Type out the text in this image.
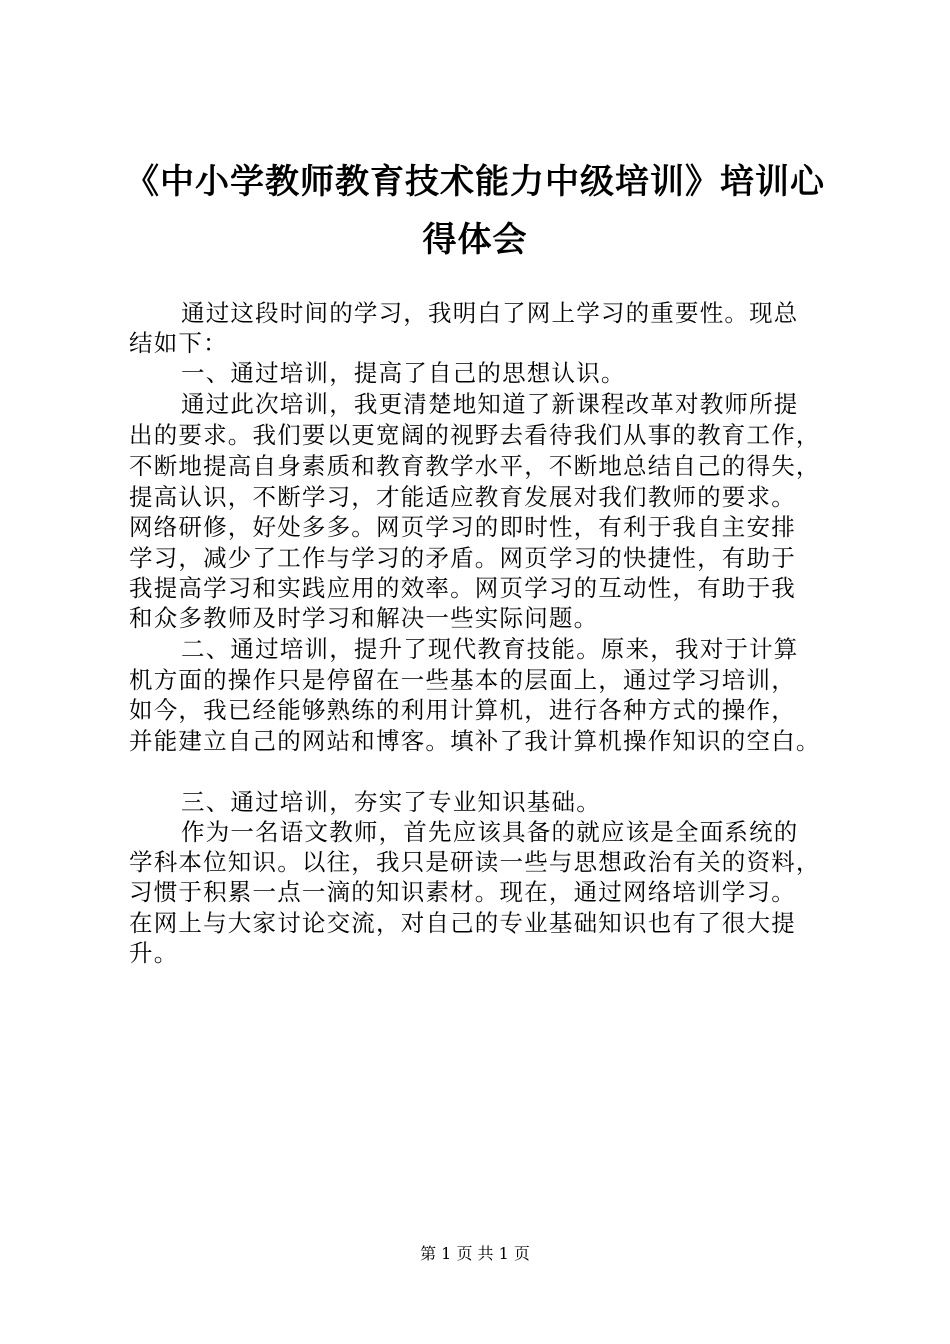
《中小学教师教育技术能力中级培训》培训心
得体会
通过这段时间的学习，我明白了网上学习的重要性。现总
结如下：
一、通过培训，提高了自己的思想认识。
通过此次培训，我更清楚地知道了新课程改革对教师所提
出的要求。我们要以更宽阔的视野去看待我们从事的教育工作，
不断地提高自身素质和教育教学水平，不断地总结自己的得失，
提高认识，不断学习，才能适应教育发展对我们教师的要求。
网络研修，好处多多。网页学习的即时性，有利于我自主安排
学习，减少了工作与学习的矛盾。网页学习的快捷性，有助于
我提高学习和实践应用的效率。网页学习的互动性，有助于我
和众多教师及时学习和解决一些实际问题。
二、通过培训，提升了现代教育技能。原来，我对于计算
机方面的操作只是停留在一些基本的层面上，通过学习培训，
如今，我已经能够熟练的利用计算机，进行各种方式的操作，
并能建立自己的网站和博客。填补了我计算机操作知识的空白。
三、通过培训，夯实了专业知识基础。
作为一名语文教师，首先应该具备的就应该是全面系统的
学科本位知识。以往，我只是研读一些与思想政治有关的资料，
习惯于积累一点一滴的知识素材。现在，通过网络培训学习。
在网上与大家讨论交流，对自己的专业基础知识也有了很大提
升。
第 1 页 共 1 页
